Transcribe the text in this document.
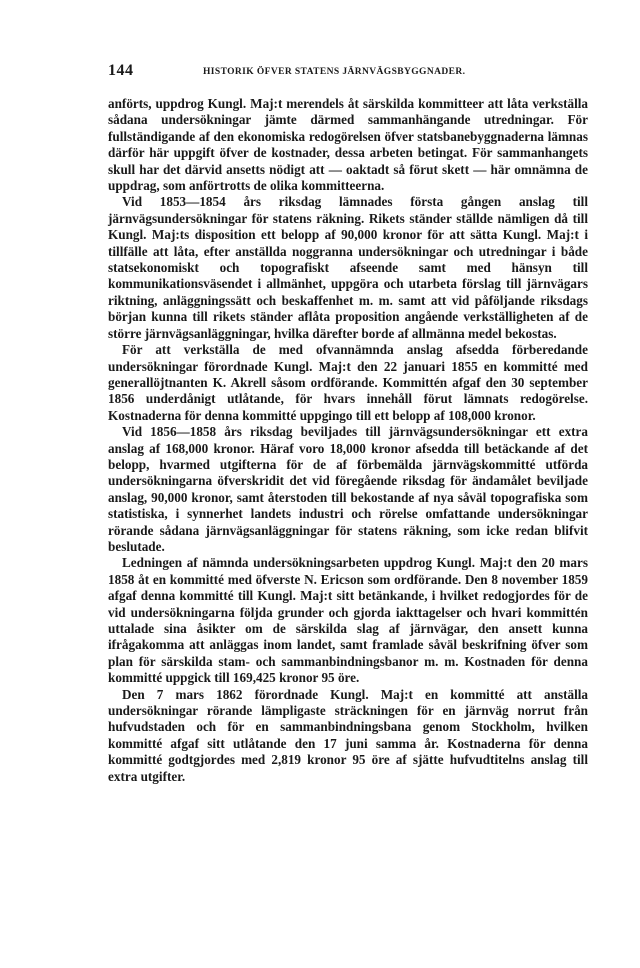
144	HISTORIK ÖFVER STATENS JÄRNVÄGSBYGGNADER.

anförts, uppdrog Kungl. Maj:t merendels åt särskilda kommitteer att låta verkställa sådana undersökningar jämte därmed sammanhängande utredningar. För fullständigande af den ekonomiska redogörelsen öfver statsbanebyggnaderna lämnas därför här uppgift öfver de kostnader, dessa arbeten betingat. För sammanhangets skull har det därvid ansetts nödigt att — oaktadt så förut skett — här omnämna de uppdrag, som anförtrotts de olika kommitteerna.

Vid 1853—1854 års riksdag lämnades första gången anslag till järnvägsundersökningar för statens räkning. Rikets ständer ställde nämligen då till Kungl. Maj:ts disposition ett belopp af 90,000 kronor för att sätta Kungl. Maj:t i tillfälle att låta, efter anställda noggranna undersökningar och utredningar i både statsekonomiskt och topografiskt afseende samt med hänsyn till kommunikationsväsendet i allmänhet, uppgöra och utarbeta förslag till järnvägars riktning, anläggningssätt och beskaffenhet m. m. samt att vid påföljande riksdags början kunna till rikets ständer aflåta proposition angående verkställigheten af de större järnvägsanläggningar, hvilka därefter borde af allmänna medel bekostas.

För att verkställa de med ofvannämnda anslag afsedda förberedande undersökningar förordnade Kungl. Maj:t den 22 januari 1855 en kommitté med generallöjtnanten K. Akrell såsom ordförande. Kommittén afgaf den 30 september 1856 underdånigt utlåtande, för hvars innehåll förut lämnats redogörelse. Kostnaderna för denna kommitté uppgingo till ett belopp af 108,000 kronor.

Vid 1856—1858 års riksdag beviljades till järnvägsundersökningar ett extra anslag af 168,000 kronor. Häraf voro 18,000 kronor afsedda till betäckande af det belopp, hvarmed utgifterna för de af förbemälda järnvägskommitté utförda undersökningarna öfverskridit det vid föregående riksdag för ändamålet beviljade anslag, 90,000 kronor, samt återstoden till bekostande af nya såväl topografiska som statistiska, i synnerhet landets industri och rörelse omfattande undersökningar rörande sådana järnvägsanläggningar för statens räkning, som icke redan blifvit beslutade.

Ledningen af nämnda undersökningsarbeten uppdrog Kungl. Maj:t den 20 mars 1858 åt en kommitté med öfverste N. Ericson som ordförande. Den 8 november 1859 afgaf denna kommitté till Kungl. Maj:t sitt betänkande, i hvilket redogjordes för de vid undersökningarna följda grunder och gjorda iakttagelser och hvari kommittén uttalade sina åsikter om de särskilda slag af järnvägar, den ansett kunna ifrågakomma att anläggas inom landet, samt framlade såväl beskrifning öfver som plan för särskilda stam- och sammanbindningsbanor m. m. Kostnaden för denna kommitté uppgick till 169,425 kronor 95 öre.

Den 7 mars 1862 förordnade Kungl. Maj:t en kommitté att anställa undersökningar rörande lämpligaste sträckningen för en järnväg norrut från hufvudstaden och för en sammanbindningsbana genom Stockholm, hvilken kommitté afgaf sitt utlåtande den 17 juni samma år. Kostnaderna för denna kommitté godtgjordes med 2,819 kronor 95 öre af sjätte hufvudtitelns anslag till extra utgifter.
